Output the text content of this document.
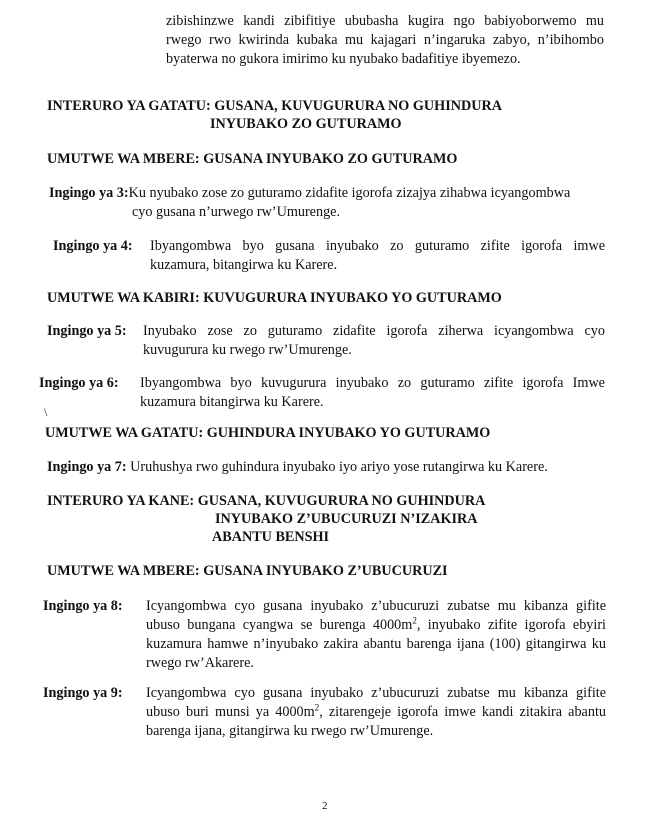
zibishinzwe kandi zibifitiye ububasha kugira ngo babiyoborwemo mu
rwego rwo kwirinda kubaka mu kajagari n’ingaruka zabyo, n’ibihombo
byaterwa no gukora imirimo ku nyubako badafitiye ibyemezo.
INTERURO YA GATATU: GUSANA, KUVUGURURA NO GUHINDURA
INYUBAKO ZO GUTURAMO
UMUTWE WA MBERE: GUSANA INYUBAKO ZO GUTURAMO
Ingingo ya 3:Ku nyubako zose zo guturamo zidafite igorofa zizajya zihabwa icyangombwa
cyo gusana n’urwego rw’Umurenge.
Ingingo ya 4: Ibyangombwa byo gusana inyubako zo guturamo zifite igorofa imwe
kuzamura, bitangirwa ku Karere.
UMUTWE WA KABIRI: KUVUGURURA INYUBAKO YO GUTURAMO
Ingingo ya 5: Inyubako zose zo guturamo zidafite igorofa ziherwa icyangombwa cyo
kuvugurura ku rwego rw’Umurenge.
Ingingo ya 6: Ibyangombwa byo kuvugurura inyubako zo guturamo zifite igorofa Imwe
kuzamura bitangirwa ku Karere.
\
UMUTWE WA GATATU: GUHINDURA INYUBAKO YO GUTURAMO
Ingingo ya 7: Uruhushya rwo guhindura inyubako iyo ariyo yose rutangirwa ku Karere.
INTERURO YA KANE: GUSANA, KUVUGURURA NO GUHINDURA
INYUBAKO Z’UBUCURUZI N’IZAKIRA
ABANTU BENSHI
UMUTWE WA MBERE: GUSANA INYUBAKO Z’UBUCURUZI
Ingingo ya 8: Icyangombwa cyo gusana inyubako z’ubucuruzi zubatse mu kibanza gifite
ubuso bungana cyangwa se burenga $4000m^2$, inyubako zifite igorofa ebyiri
kuzamura hamwe n’inyubako zakira abantu barenga ijana (100) gitangirwa ku
rwego rw’Akarere.
Ingingo ya 9: Icyangombwa cyo gusana inyubako z’ubucuruzi zubatse mu kibanza gifite
ubuso buri munsi ya $4000m^2$, zitarengeje igorofa imwe kandi zitakira abantu
barenga ijana, gitangirwa ku rwego rw’Umurenge.
2
